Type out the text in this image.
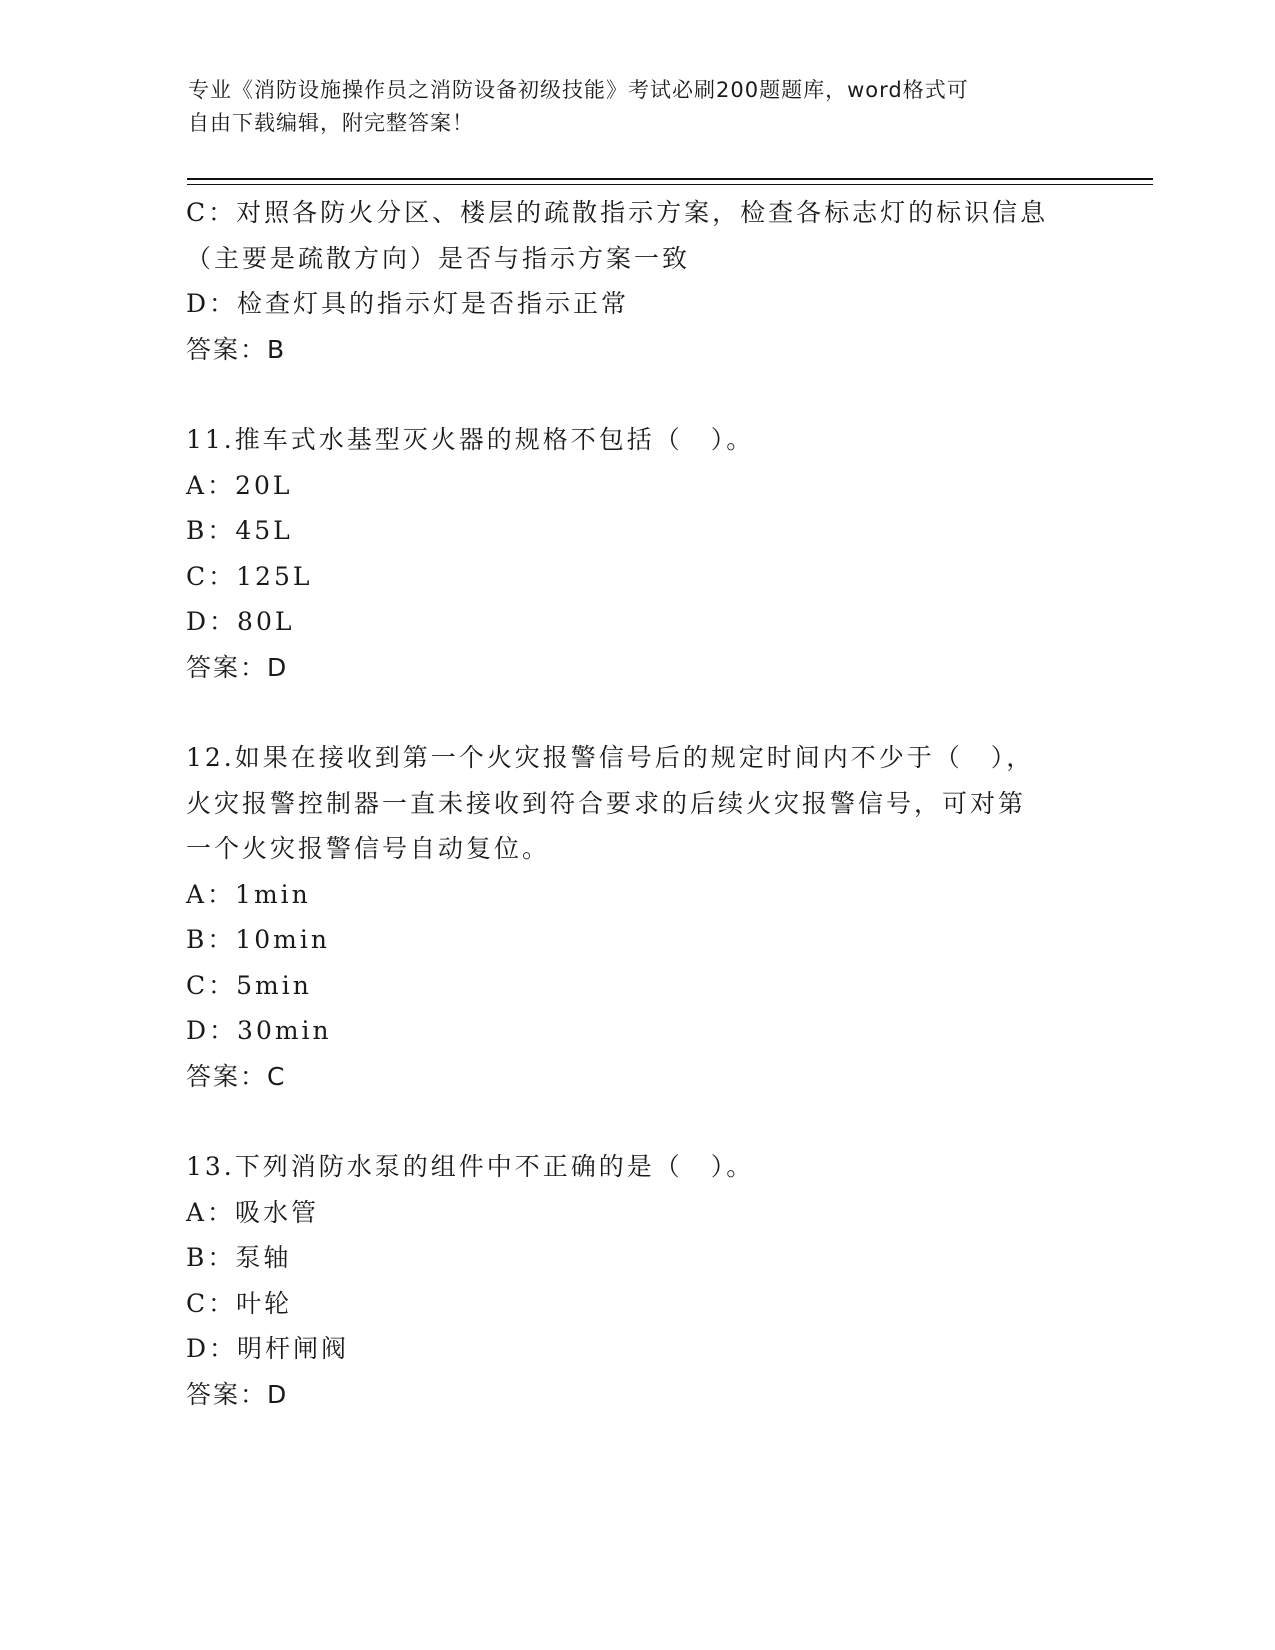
专业《消防设施操作员之消防设备初级技能》考试必刷200题题库，word格式可
自由下载编辑，附完整答案！

C：对照各防火分区、楼层的疏散指示方案，检查各标志灯的标识信息

（主要是疏散方向）是否与指示方案一致

D：检查灯具的指示灯是否指示正常

答案：B

11.推车式水基型灭火器的规格不包括（　）。

A：20L

B：45L

C：125L

D：80L

答案：D

12.如果在接收到第一个火灾报警信号后的规定时间内不少于（　），

火灾报警控制器一直未接收到符合要求的后续火灾报警信号，可对第

一个火灾报警信号自动复位。

A：1min

B：10min

C：5min

D：30min

答案：C

13.下列消防水泵的组件中不正确的是（　）。

A：吸水管

B：泵轴

C：叶轮

D：明杆闸阀

答案：D
